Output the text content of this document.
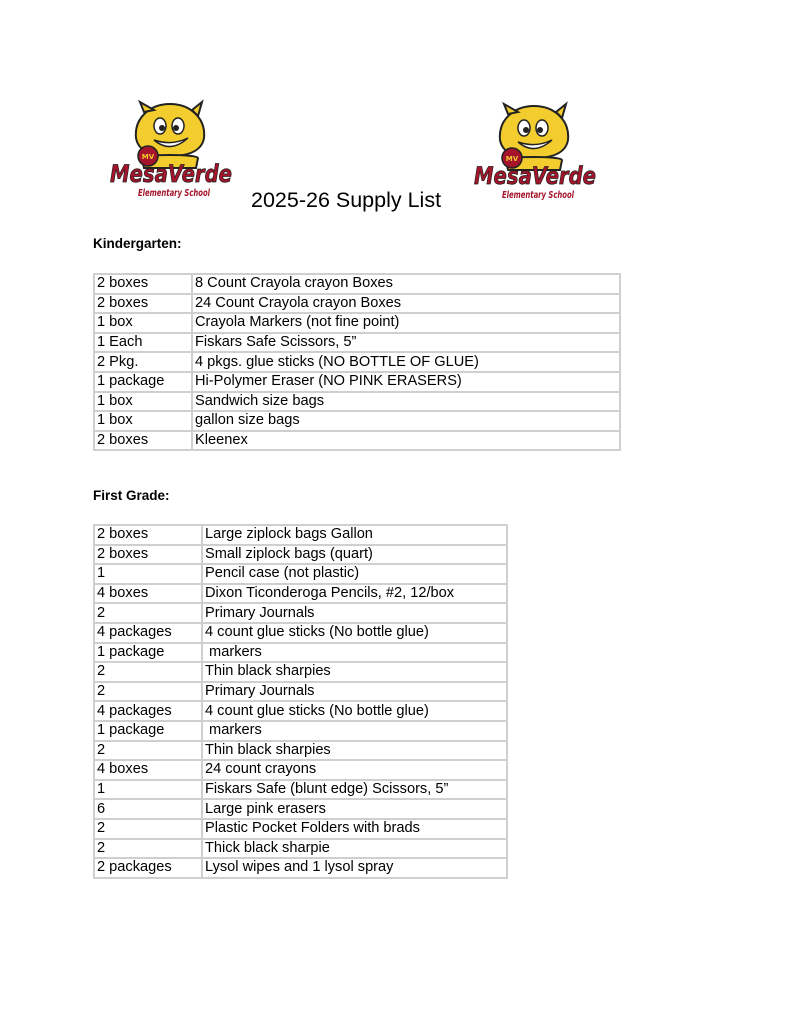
MV
MesaVerde
Elementary School
MV
MesaVerde
Elementary School
2025-26 Supply List
Kindergarten:
2 boxes	8 Count Crayola crayon Boxes
2 boxes	24 Count Crayola crayon Boxes
1 box	Crayola Markers (not fine point)
1 Each	Fiskars Safe Scissors, 5”
2 Pkg.	4 pkgs. glue sticks (NO BOTTLE OF GLUE)
1 package	Hi-Polymer Eraser (NO PINK ERASERS)
1 box	Sandwich size bags
1 box	gallon size bags
2 boxes	Kleenex
First Grade:
2 boxes	Large ziplock bags Gallon
2 boxes	Small ziplock bags (quart)
1	Pencil case (not plastic)
4 boxes	Dixon Ticonderoga Pencils, #2, 12/box
2	Primary Journals
4 packages	4 count glue sticks (No bottle glue)
1 package	markers
2	Thin black sharpies
2	Primary Journals
4 packages	4 count glue sticks (No bottle glue)
1 package	markers
2	Thin black sharpies
4 boxes	24 count crayons
1	Fiskars Safe (blunt edge) Scissors, 5”
6	Large pink erasers
2	Plastic Pocket Folders with brads
2	Thick black sharpie
2 packages	Lysol wipes and 1 lysol spray
